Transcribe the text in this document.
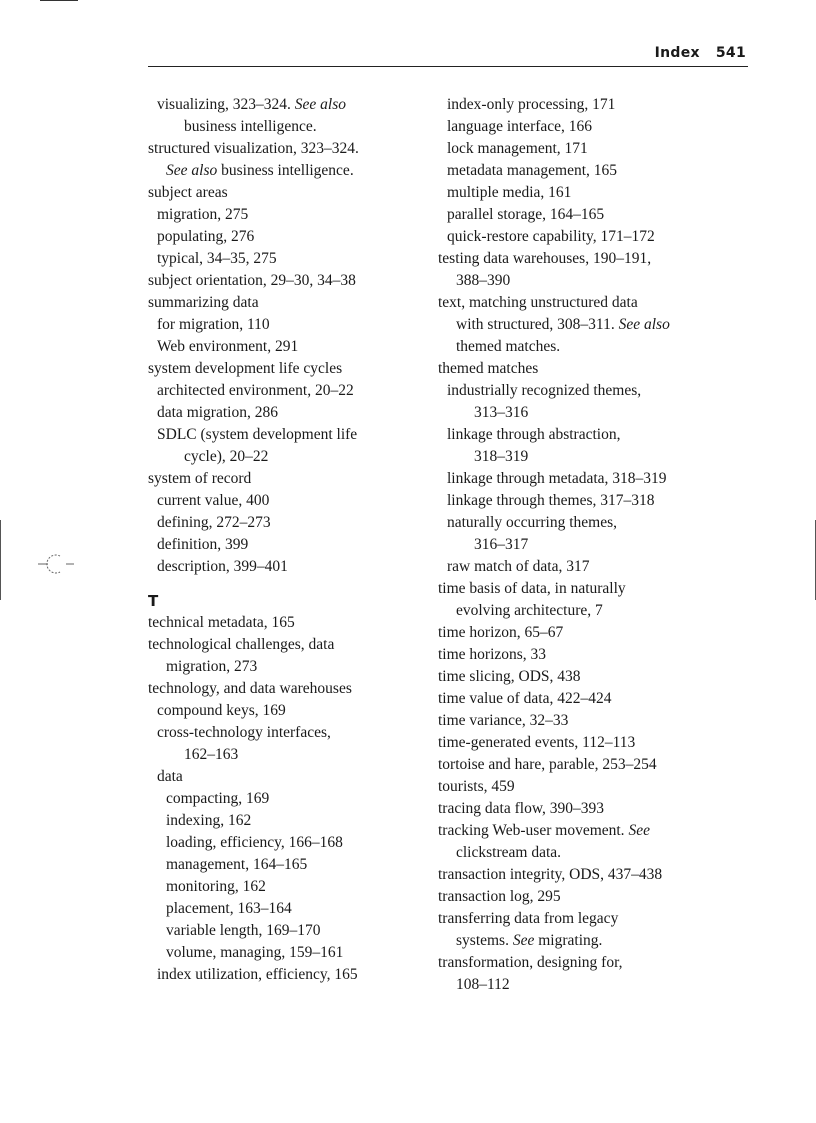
Index 541
visualizing, 323–324. See also
business intelligence.
structured visualization, 323–324.
See also business intelligence.
subject areas
migration, 275
populating, 276
typical, 34–35, 275
subject orientation, 29–30, 34–38
summarizing data
for migration, 110
Web environment, 291
system development life cycles
architected environment, 20–22
data migration, 286
SDLC (system development life
cycle), 20–22
system of record
current value, 400
defining, 272–273
definition, 399
description, 399–401
T
technical metadata, 165
technological challenges, data
migration, 273
technology, and data warehouses
compound keys, 169
cross-technology interfaces,
162–163
data
compacting, 169
indexing, 162
loading, efficiency, 166–168
management, 164–165
monitoring, 162
placement, 163–164
variable length, 169–170
volume, managing, 159–161
index utilization, efficiency, 165
index-only processing, 171
language interface, 166
lock management, 171
metadata management, 165
multiple media, 161
parallel storage, 164–165
quick-restore capability, 171–172
testing data warehouses, 190–191,
388–390
text, matching unstructured data
with structured, 308–311. See also
themed matches.
themed matches
industrially recognized themes,
313–316
linkage through abstraction,
318–319
linkage through metadata, 318–319
linkage through themes, 317–318
naturally occurring themes,
316–317
raw match of data, 317
time basis of data, in naturally
evolving architecture, 7
time horizon, 65–67
time horizons, 33
time slicing, ODS, 438
time value of data, 422–424
time variance, 32–33
time-generated events, 112–113
tortoise and hare, parable, 253–254
tourists, 459
tracing data flow, 390–393
tracking Web-user movement. See
clickstream data.
transaction integrity, ODS, 437–438
transaction log, 295
transferring data from legacy
systems. See migrating.
transformation, designing for,
108–112
